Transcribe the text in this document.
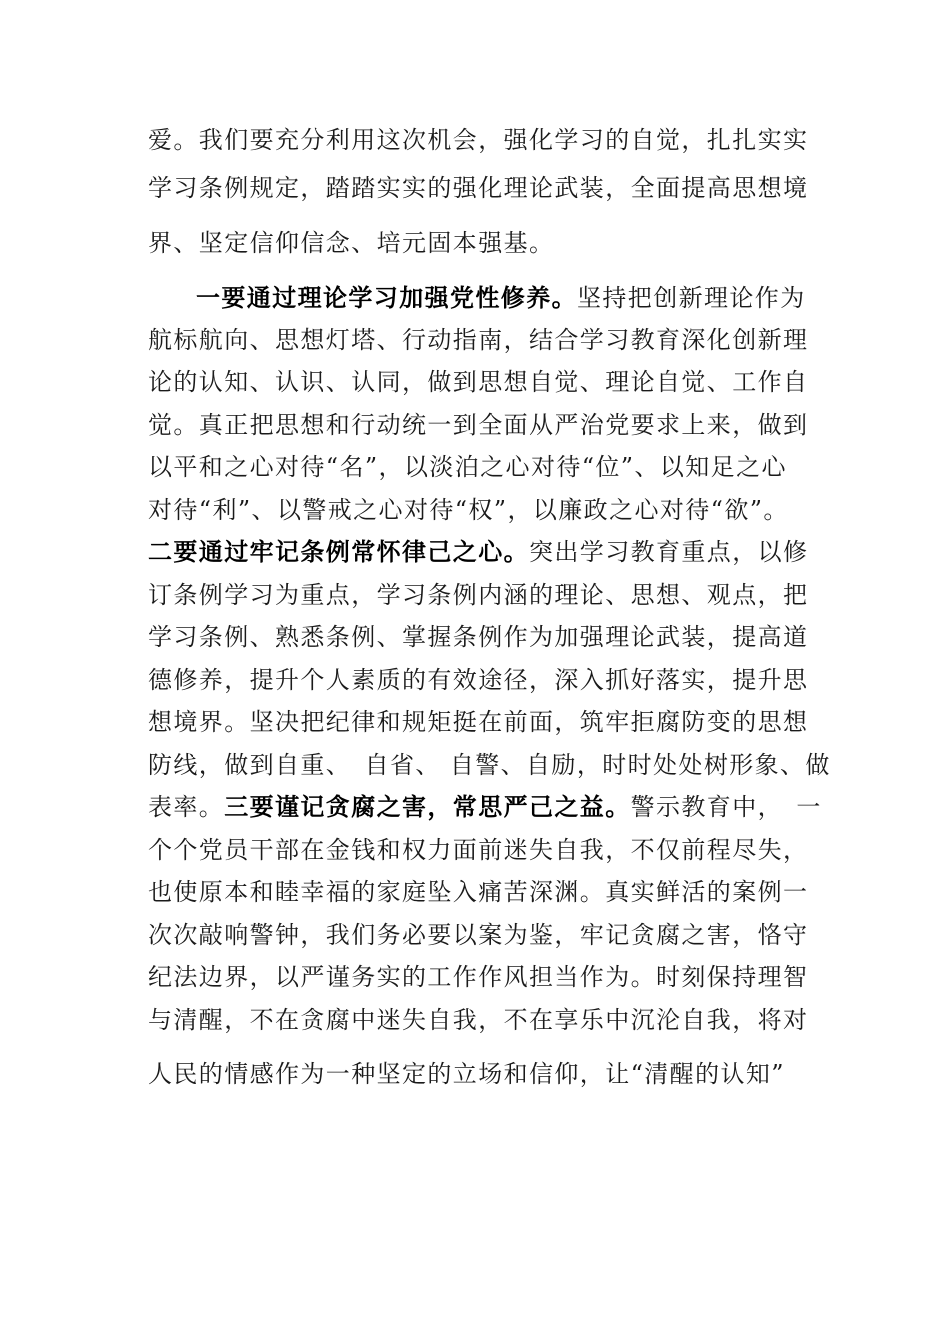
爱。我们要充分利用这次机会，强化学习的自觉，扎扎实实
学习条例规定，踏踏实实的强化理论武装，全面提高思想境
界、坚定信仰信念、培元固本强基。
一要通过理论学习加强党性修养。坚持把创新理论作为
航标航向、思想灯塔、行动指南，结合学习教育深化创新理
论的认知、认识、认同，做到思想自觉、理论自觉、工作自
觉。真正把思想和行动统一到全面从严治党要求上来，做到
以平和之心对待“名”，以淡泊之心对待“位”、以知足之心
对待“利”、以警戒之心对待“权”，以廉政之心对待“欲”。
二要通过牢记条例常怀律己之心。突出学习教育重点，以修
订条例学习为重点，学习条例内涵的理论、思想、观点，把
学习条例、熟悉条例、掌握条例作为加强理论武装，提高道
德修养，提升个人素质的有效途径，深入抓好落实，提升思
想境界。坚决把纪律和规矩挺在前面，筑牢拒腐防变的思想
防线，做到自重、　自省、 自警、自励，时时处处树形象、做
表率。三要谨记贪腐之害，常思严己之益。警示教育中，　一
个个党员干部在金钱和权力面前迷失自我，不仅前程尽失，
也使原本和睦幸福的家庭坠入痛苦深渊。真实鲜活的案例一
次次敲响警钟，我们务必要以案为鉴，牢记贪腐之害，恪守
纪法边界，以严谨务实的工作作风担当作为。时刻保持理智
与清醒，不在贪腐中迷失自我，不在享乐中沉沦自我，将对
人民的情感作为一种坚定的立场和信仰，让“清醒的认知”
